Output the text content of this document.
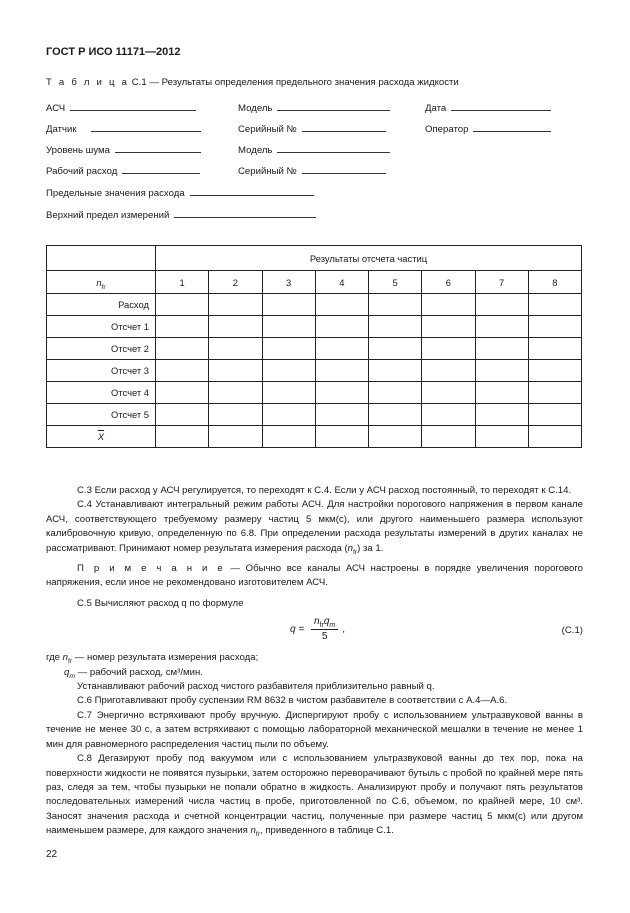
ГОСТ Р ИСО 11171—2012
Т а б л и ц а С.1 — Результаты определения предельного значения расхода жидкости
АСЧ	Модель	Дата
Датчик	Серийный №	Оператор
Уровень шума	Модель
Рабочий расход	Серийный №
Предельные значения расхода
Верхний предел измерений
	Результаты отсчета частиц							
$n_{fr}$	1	2	3	4	5	6	7	8
Расход								
Отсчет 1								
Отсчет 2								
Отсчет 3								
Отсчет 4								
Отсчет 5								
$\overline{X}$								

С.3 Если расход у АСЧ регулируется, то переходят к С.4. Если у АСЧ расход постоянный, то переходят к С.14.

С.4 Устанавливают интегральный режим работы АСЧ. Для настройки порогового напряжения в первом канале АСЧ, соответствующего требуемому размеру частиц 5 мкм(c), или другого наименьшего размера используют калибровочную кривую, определенную по 6.8. При определении расхода результаты измерений в других каналах не рассматривают. Принимают номер результата измерения расхода $(n_{fr})$ за 1.

П р и м е ч а н и е — Обычно все каналы АСЧ настроены в порядке увеличения порогового напряжения, если иное не рекомендовано изготовителем АСЧ.

С.5 Вычисляют расход q по формуле

$q = \frac{n_{fr}q_m}{5}$ ,	(С.1)

где $n_{fr}$ — номер результата измерения расхода;

$q_m$ — рабочий расход, см³/мин.

Устанавливают рабочий расход чистого разбавителя приблизительно равный q.

С.6 Приготавливают пробу суспензии RM 8632 в чистом разбавителе в соответствии с А.4—А.6.

С.7 Энергично встряхивают пробу вручную. Диспергируют пробу с использованием ультразвуковой ванны в течение не менее 30 с, а затем встряхивают с помощью лабораторной механической мешалки в течение не менее 1 мин для равномерного распределения частиц пыли по объему.

С.8 Дегазируют пробу под вакуумом или с использованием ультразвуковой ванны до тех пор, пока на поверхности жидкости не появятся пузырьки, затем осторожно переворачивают бутыль с пробой по крайней мере пять раз, следя за тем, чтобы пузырьки не попали обратно в жидкость. Анализируют пробу и получают пять результатов последовательных измерений числа частиц в пробе, приготовленной по С.6, объемом, по крайней мере, 10 см³. Заносят значения расхода и счетной концентрации частиц, полученные при размере частиц 5 мкм(c) или другом наименьшем размере, для каждого значения $n_{fr}$, приведенного в таблице С.1.

22
